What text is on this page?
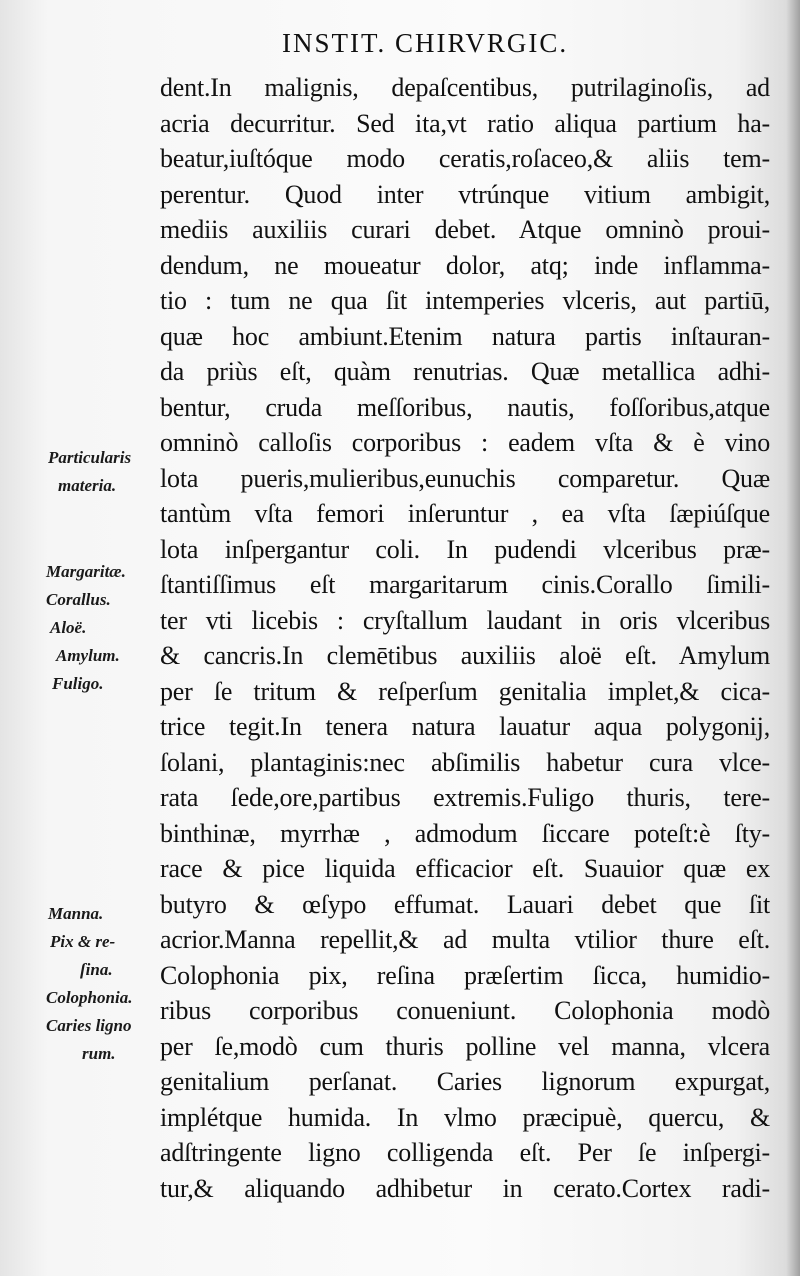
INSTIT. CHIRVRGIC.
dent.In malignis, depaſcentibus, putrilaginoſis, ad
acria decurritur. Sed ita,vt ratio aliqua partium ha-
beatur,iuſtóque modo ceratis,roſaceo,& aliis tem-
perentur. Quod inter vtrúnque vitium ambigit,
mediis auxiliis curari debet. Atque omninò proui-
dendum, ne moueatur dolor, atq; inde inflamma-
tio : tum ne qua ſit intemperies vlceris, aut partiū,
quæ hoc ambiunt.Etenim natura partis inſtauran-
da priùs eſt, quàm renutrias. Quæ metallica adhi-
bentur, cruda meſſoribus, nautis, foſſoribus,atque
omninò calloſis corporibus : eadem vſta & è vino
lota pueris,mulieribus,eunuchis comparetur. Quæ
tantùm vſta femori inſeruntur , ea vſta ſæpiúſque
lota inſpergantur coli. In pudendi vlceribus præ-
ſtantiſſimus eſt margaritarum cinis.Corallo ſimili-
ter vti licebis : cryſtallum laudant in oris vlceribus
& cancris.In clemētibus auxiliis aloë eſt. Amylum
per ſe tritum & reſperſum genitalia implet,& cica-
trice tegit.In tenera natura lauatur aqua polygonij,
ſolani, plantaginis:nec abſimilis habetur cura vlce-
rata ſede,ore,partibus extremis.Fuligo thuris, tere-
binthinæ, myrrhæ , admodum ſiccare poteſt:è ſty-
race & pice liquida efficacior eſt. Suauior quæ ex
butyro & œſypo effumat. Lauari debet que ſit
acrior.Manna repellit,& ad multa vtilior thure eſt.
Colophonia pix, reſina præſertim ſicca, humidio-
ribus corporibus conueniunt. Colophonia modò
per ſe,modò cum thuris polline vel manna, vlcera
genitalium perſanat. Caries lignorum expurgat,
implétque humida. In vlmo præcipuè, quercu, &
adſtringente ligno colligenda eſt. Per ſe inſpergi-
tur,& aliquando adhibetur in cerato.Cortex radi-
Particularis
materia.
Margaritæ.
Corallus.
Aloë.
Amylum.
Fuligo.
Manna.
Pix & re-
ſina.
Colophonia.
Caries ligno
rum.
